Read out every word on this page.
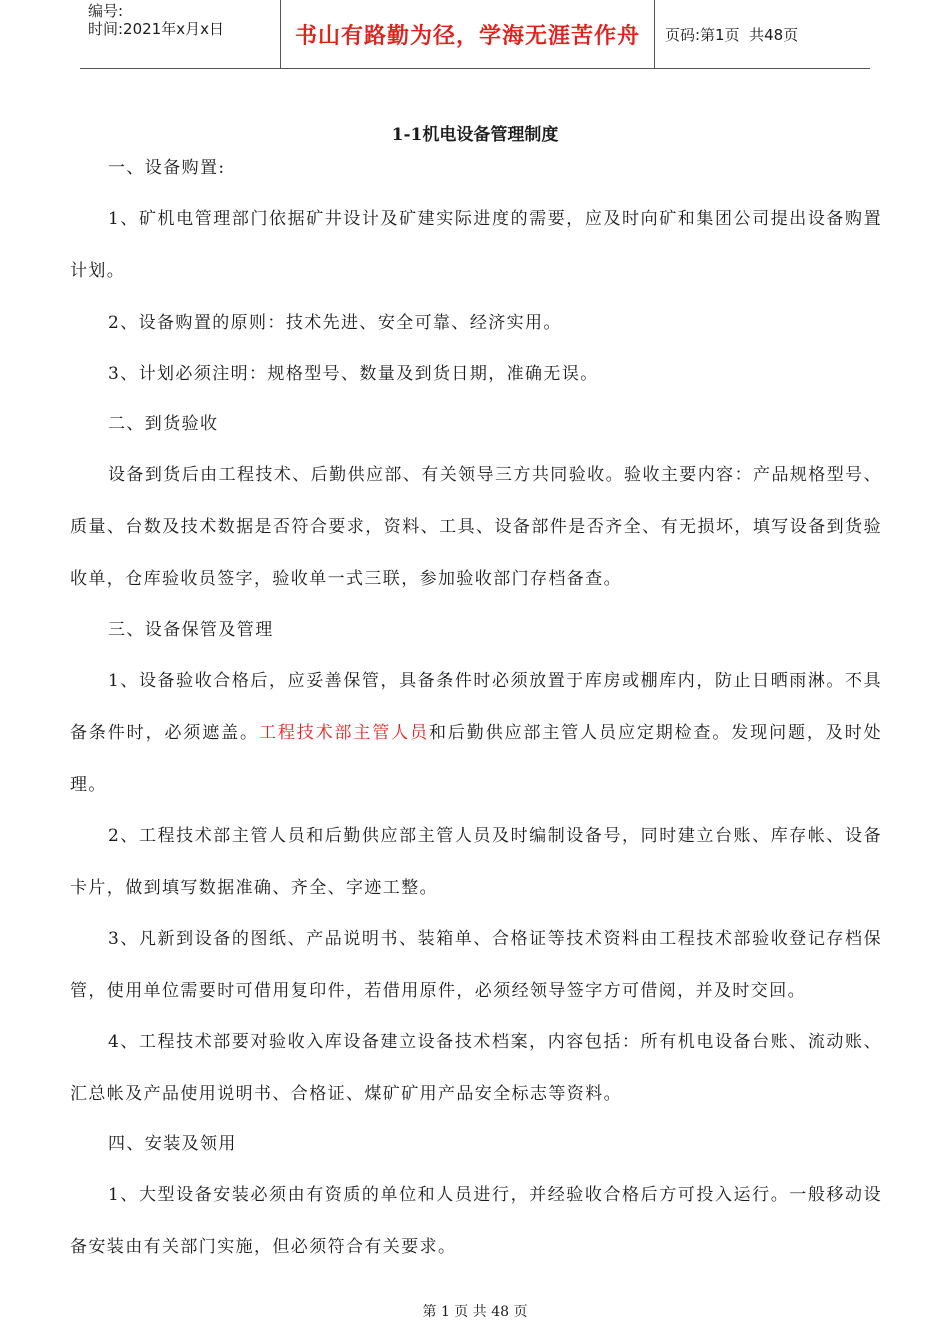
编号:
时间:2021年x月x日	书山有路勤为径，学海无涯苦作舟	页码:第1页  共48页
1-1机电设备管理制度
一、设备购置:
1、矿机电管理部门依据矿井设计及矿建实际进度的需要，应及时向矿和集团公司提出设备购置计划。
2、设备购置的原则：技术先进、安全可靠、经济实用。
3、计划必须注明：规格型号、数量及到货日期，准确无误。
二、到货验收
设备到货后由工程技术、后勤供应部、有关领导三方共同验收。验收主要内容：产品规格型号、质量、台数及技术数据是否符合要求，资料、工具、设备部件是否齐全、有无损坏，填写设备到货验收单，仓库验收员签字，验收单一式三联，参加验收部门存档备查。
三、设备保管及管理
1、设备验收合格后，应妥善保管，具备条件时必须放置于库房或棚库内，防止日晒雨淋。不具备条件时，必须遮盖。工程技术部主管人员和后勤供应部主管人员应定期检查。发现问题，及时处理。
2、工程技术部主管人员和后勤供应部主管人员及时编制设备号，同时建立台账、库存帐、设备卡片，做到填写数据准确、齐全、字迹工整。
3、凡新到设备的图纸、产品说明书、装箱单、合格证等技术资料由工程技术部验收登记存档保管，使用单位需要时可借用复印件，若借用原件，必须经领导签字方可借阅，并及时交回。
4、工程技术部要对验收入库设备建立设备技术档案，内容包括：所有机电设备台账、流动账、汇总帐及产品使用说明书、合格证、煤矿矿用产品安全标志等资料。
四、安装及领用
1、大型设备安装必须由有资质的单位和人员进行，并经验收合格后方可投入运行。一般移动设备安装由有关部门实施，但必须符合有关要求。
第 1 页 共 48 页
